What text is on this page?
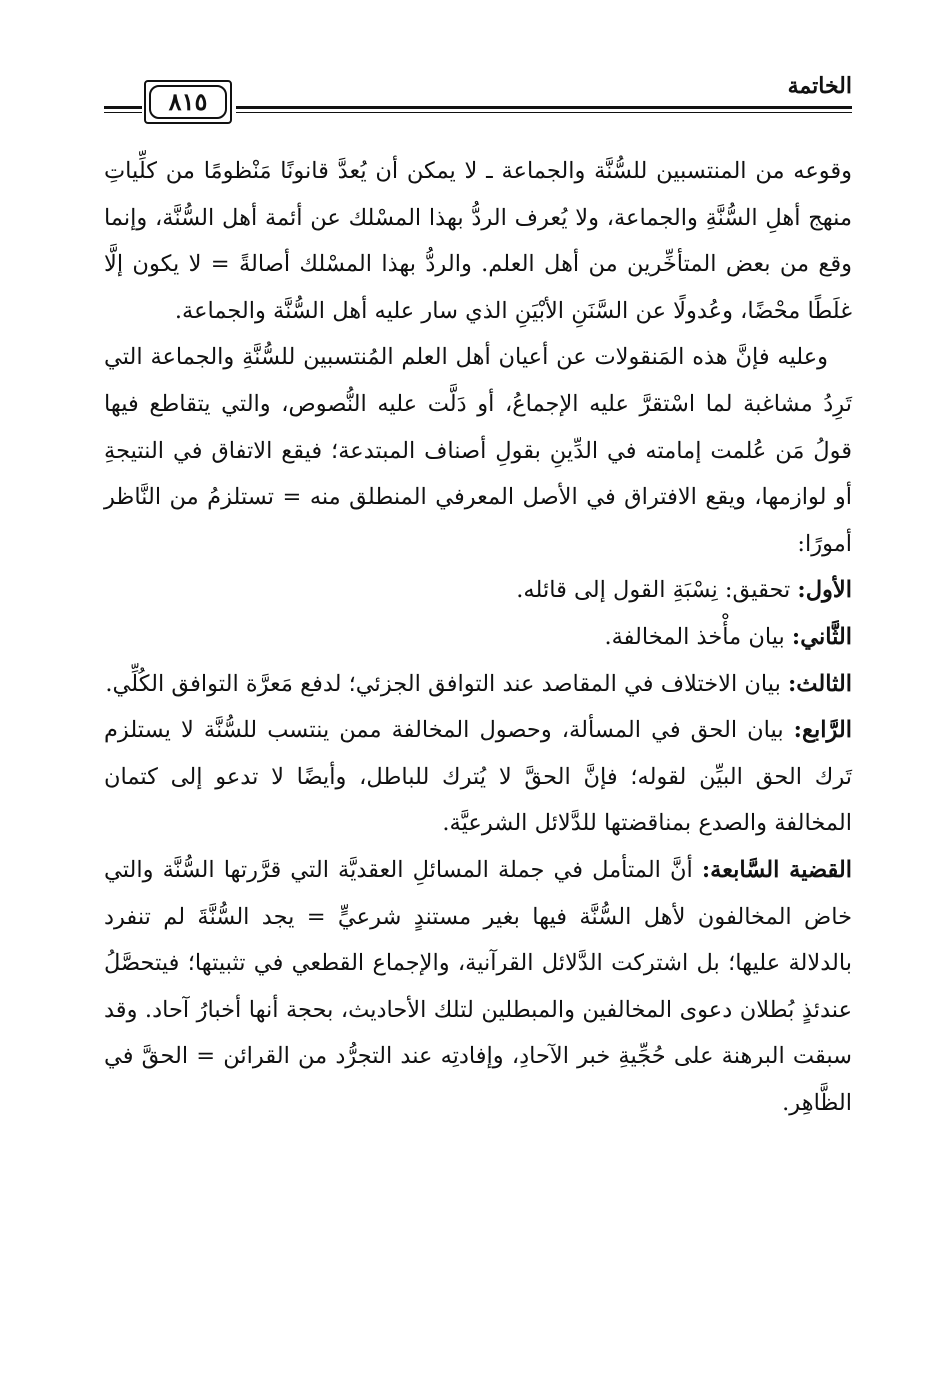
الخاتمة
٨١٥

وقوعه من المنتسبين للسُّنَّة والجماعة ـ لا يمكن أن يُعدَّ قانونًا مَنْظومًا من كلِّياتِ منهج أهلِ السُّنَّةِ والجماعة، ولا يُعرف الردُّ بهذا المسْلك عن أئمة أهل السُّنَّة، وإنما وقع من بعض المتأخِّرين من أهل العلم. والردُّ بهذا المسْلك أصالةً = لا يكون إلَّا غلَطًا محْضًا، وعُدولًا عن السَّنَنِ الأبْيَنِ الذي سار عليه أهل السُّنَّة والجماعة.

وعليه فإنَّ هذه المَنقولات عن أعيان أهل العلم المُنتسبين للسُّنَّةِ والجماعة التي تَرِدُ مشاغبة لما اسْتقرَّ عليه الإجماعُ، أو دَلَّت عليه النُّصوص، والتي يتقاطع فيها قولُ مَن عُلمت إمامته في الدِّينِ بقولِ أصناف المبتدعة؛ فيقع الاتفاق في النتيجةِ أو لوازمها، ويقع الافتراق في الأصل المعرفي المنطلق منه = تستلزمُ من النَّاظر أمورًا:

الأول: تحقيق: نِسْبَةِ القول إلى قائله.

الثَّاني: بيان مأْخذ المخالفة.

الثالث: بيان الاختلاف في المقاصد عند التوافق الجزئي؛ لدفع مَعرَّة التوافق الكُلِّي.

الرَّابع: بيان الحق في المسألة، وحصول المخالفة ممن ينتسب للسُّنَّة لا يستلزم تَرك الحق البيِّن لقوله؛ فإنَّ الحقَّ لا يُترك للباطل، وأيضًا لا تدعو إلى كتمان المخالفة والصدع بمناقضتها للدَّلائل الشرعيَّة.

القضية السَّابعة: أنَّ المتأمل في جملة المسائلِ العقديَّة التي قرَّرتها السُّنَّة والتي خاض المخالفون لأهل السُّنَّة فيها بغير مستندٍ شرعيٍّ = يجد السُّنَّةَ لم تنفرد بالدلالة عليها؛ بل اشتركت الدَّلائل القرآنية، والإجماع القطعي في تثبيتها؛ فيتحصَّلُ عندئذٍ بُطلان دعوى المخالفين والمبطلين لتلك الأحاديث، بحجة أنها أخبارُ آحاد. وقد سبقت البرهنة على حُجِّيةِ خبر الآحادِ، وإفادتِه عند التجرُّد من القرائن = الحقَّ في الظَّاهِر.
